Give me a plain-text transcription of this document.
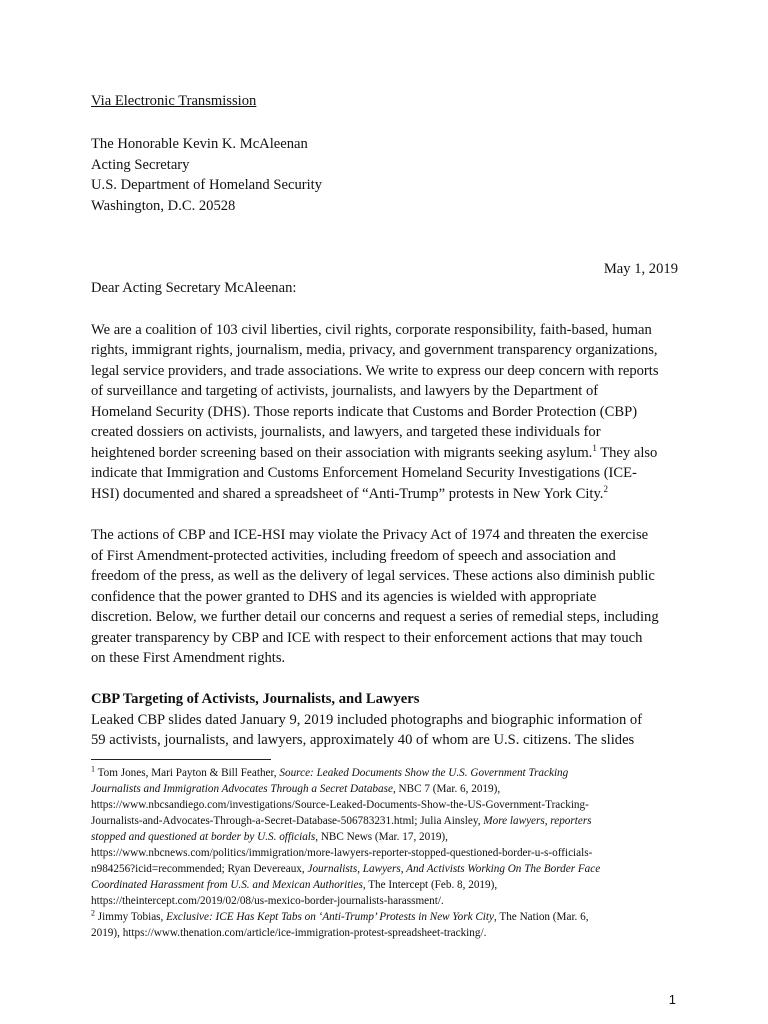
Via Electronic Transmission

The Honorable Kevin K. McAleenan

Acting Secretary

U.S. Department of Homeland Security

Washington, D.C. 20528

May 1, 2019

Dear Acting Secretary McAleenan:

We are a coalition of 103 civil liberties, civil rights, corporate responsibility, faith-based, human

rights, immigrant rights, journalism, media, privacy, and government transparency organizations,

legal service providers, and trade associations. We write to express our deep concern with reports

of surveillance and targeting of activists, journalists, and lawyers by the Department of

Homeland Security (DHS). Those reports indicate that Customs and Border Protection (CBP)

created dossiers on activists, journalists, and lawyers, and targeted these individuals for

heightened border screening based on their association with migrants seeking asylum.$^1$ They also

indicate that Immigration and Customs Enforcement Homeland Security Investigations (ICE-

HSI) documented and shared a spreadsheet of “Anti-Trump” protests in New York City.$^2$

The actions of CBP and ICE-HSI may violate the Privacy Act of 1974 and threaten the exercise

of First Amendment-protected activities, including freedom of speech and association and

freedom of the press, as well as the delivery of legal services. These actions also diminish public

confidence that the power granted to DHS and its agencies is wielded with appropriate

discretion. Below, we further detail our concerns and request a series of remedial steps, including

greater transparency by CBP and ICE with respect to their enforcement actions that may touch

on these First Amendment rights.

CBP Targeting of Activists, Journalists, and Lawyers

Leaked CBP slides dated January 9, 2019 included photographs and biographic information of

59 activists, journalists, and lawyers, approximately 40 of whom are U.S. citizens. The slides

$^1$ Tom Jones, Mari Payton & Bill Feather, Source: Leaked Documents Show the U.S. Government Tracking

Journalists and Immigration Advocates Through a Secret Database, NBC 7 (Mar. 6, 2019),

https://www.nbcsandiego.com/investigations/Source-Leaked-Documents-Show-the-US-Government-Tracking-

Journalists-and-Advocates-Through-a-Secret-Database-506783231.html; Julia Ainsley, More lawyers, reporters

stopped and questioned at border by U.S. officials, NBC News (Mar. 17, 2019),

https://www.nbcnews.com/politics/immigration/more-lawyers-reporter-stopped-questioned-border-u-s-officials-

n984256?icid=recommended; Ryan Devereaux, Journalists, Lawyers, And Activists Working On The Border Face

Coordinated Harassment from U.S. and Mexican Authorities, The Intercept (Feb. 8, 2019),

https://theintercept.com/2019/02/08/us-mexico-border-journalists-harassment/.

$^2$ Jimmy Tobias, Exclusive: ICE Has Kept Tabs on ‘Anti-Trump’ Protests in New York City, The Nation (Mar. 6,

2019), https://www.thenation.com/article/ice-immigration-protest-spreadsheet-tracking/.

1
